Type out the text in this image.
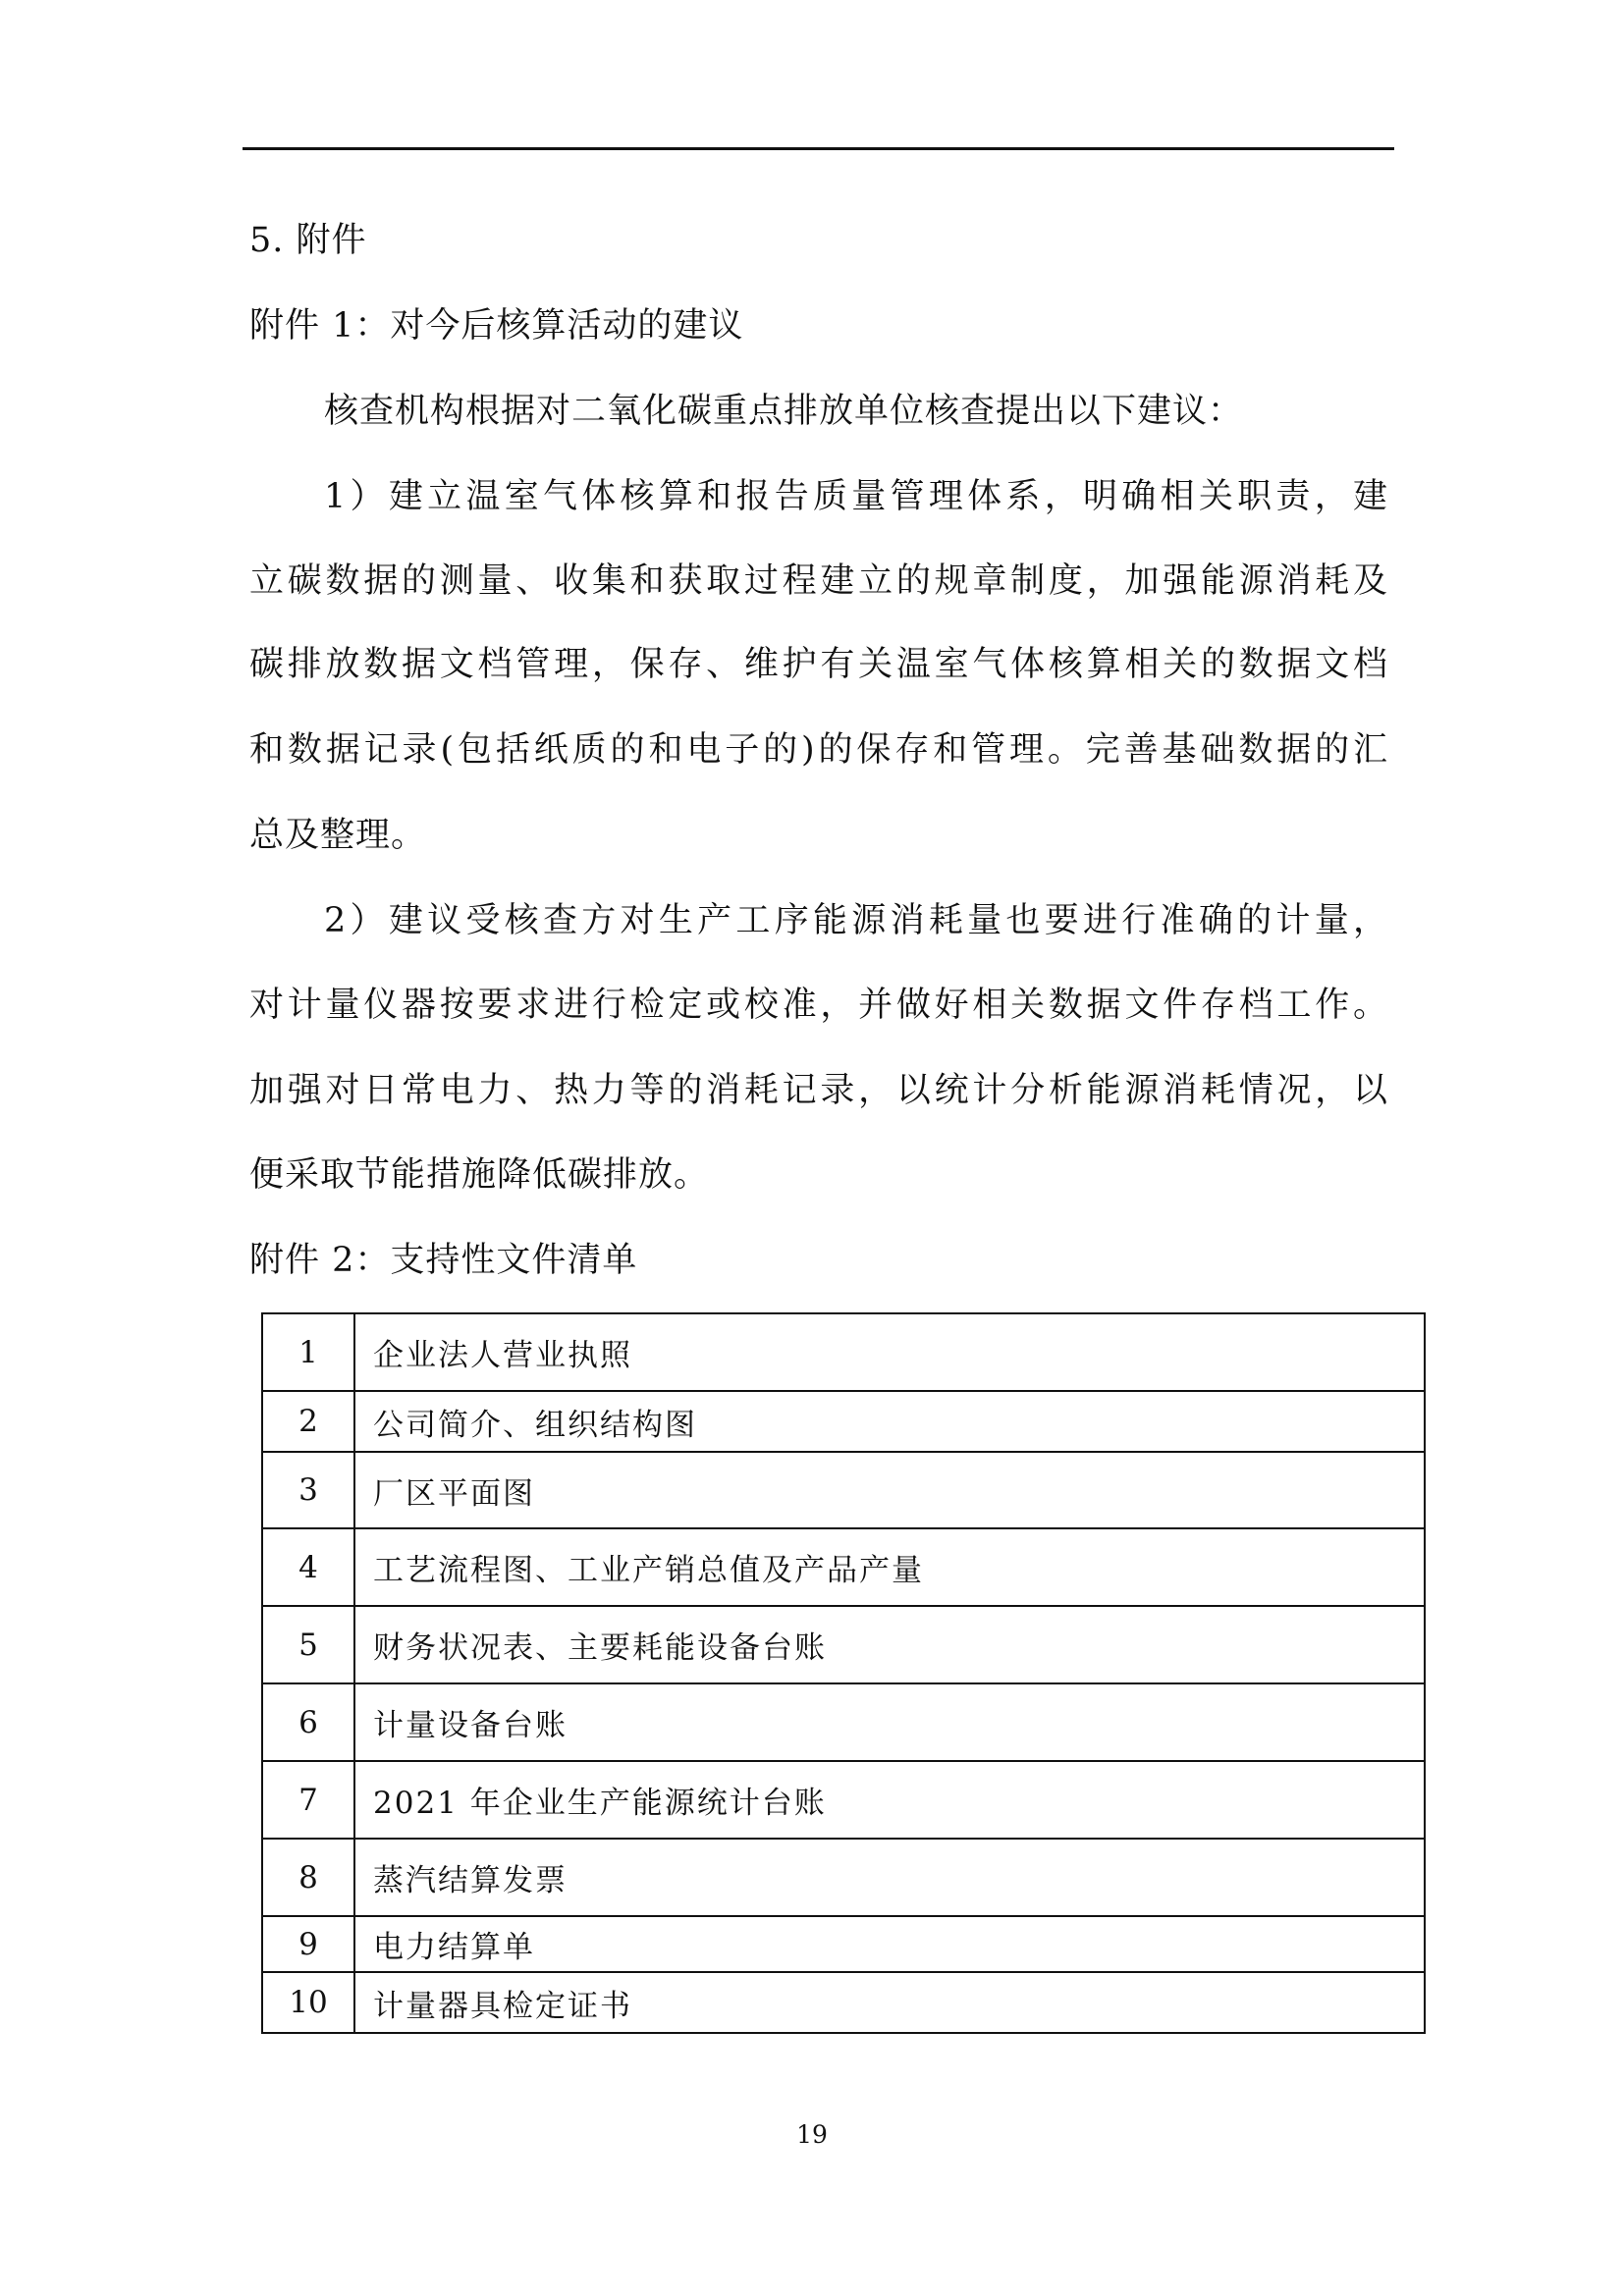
5. 附件
附件 1：对今后核算活动的建议
核查机构根据对二氧化碳重点排放单位核查提出以下建议：
1）建立温室气体核算和报告质量管理体系，明确相关职责，建
立碳数据的测量、收集和获取过程建立的规章制度，加强能源消耗及
碳排放数据文档管理，保存、维护有关温室气体核算相关的数据文档
和数据记录(包括纸质的和电子的)的保存和管理。完善基础数据的汇
总及整理。
2）建议受核查方对生产工序能源消耗量也要进行准确的计量，
对计量仪器按要求进行检定或校准，并做好相关数据文件存档工作。
加强对日常电力、热力等的消耗记录，以统计分析能源消耗情况，以
便采取节能措施降低碳排放。
附件 2：支持性文件清单
1	企业法人营业执照
2	公司简介、组织结构图
3	厂区平面图
4	工艺流程图、工业产销总值及产品产量
5	财务状况表、主要耗能设备台账
6	计量设备台账
7	2021 年企业生产能源统计台账
8	蒸汽结算发票
9	电力结算单
10	计量器具检定证书
19
